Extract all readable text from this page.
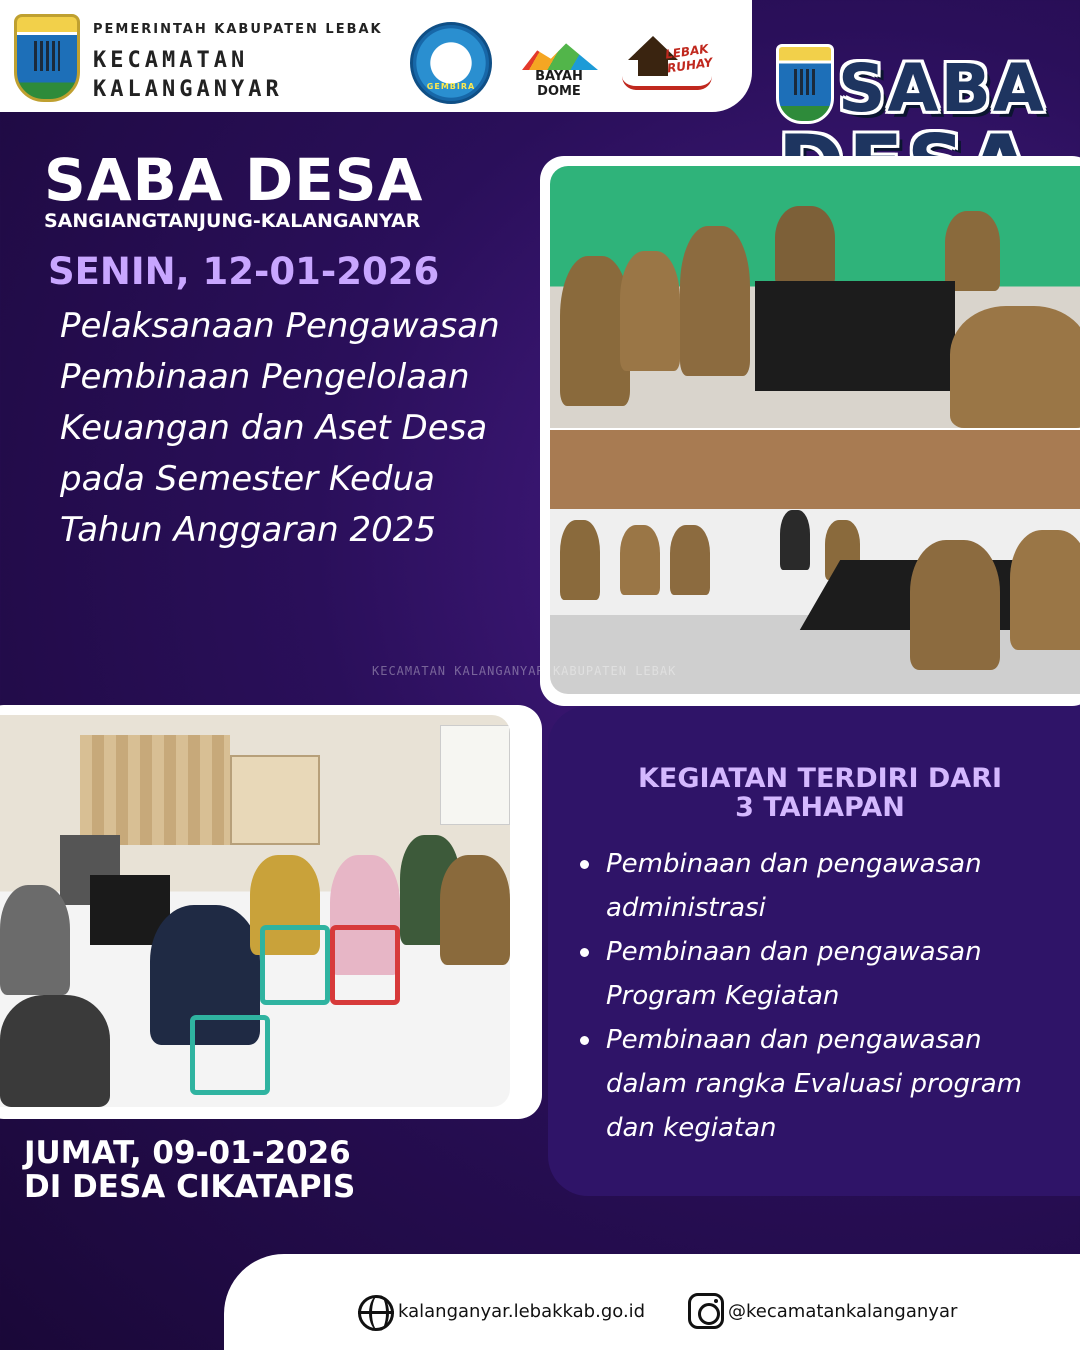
PEMERINTAH KABUPATEN LEBAK
KECAMATAN
KALANGANYAR	GEMBIRA
BAYAH DOME
LEBAK RUHAY SABA
SABA DESA
SANGIANGTANJUNG-KALANGANYAR
SENIN, 12-01-2026
Pelaksanaan Pengawasan Pembinaan Pengelolaan Keuangan dan Aset Desa pada Semester Kedua Tahun Anggaran 2025
KECAMATAN KALANGANYAR KABUPATEN LEBAK
KEGIATAN TERDIRI DARI
3 TAHAPAN
Pembinaan dan pengawasan administrasi
Pembinaan dan pengawasan Program Kegiatan
Pembinaan dan pengawasan dalam rangka Evaluasi program dan kegiatan
JUMAT, 09-01-2026
DI DESA CIKATAPIS
kalanganyar.lebakkab.go.id	@kecamatankalanganyar
